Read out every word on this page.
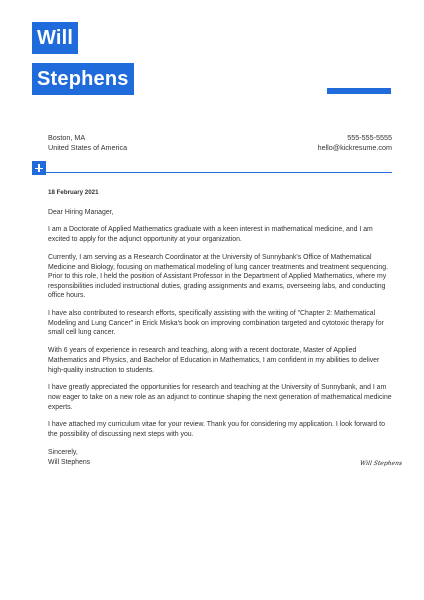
Will
Stephens
Boston, MA
United States of America
555-555-5555
hello@kickresume.com
18 February 2021

Dear Hiring Manager,

I am a Doctorate of Applied Mathematics graduate with a keen interest in mathematical medicine, and I am excited to apply for the adjunct opportunity at your organization.

Currently, I am serving as a Research Coordinator at the University of Sunnybank's Office of Mathematical Medicine and Biology, focusing on mathematical modeling of lung cancer treatments and treatment sequencing. Prior to this role, I held the position of Assistant Professor in the Department of Applied Mathematics, where my responsibilities included instructional duties, grading assignments and exams, overseeing labs, and conducting office hours.

I have also contributed to research efforts, specifically assisting with the writing of "Chapter 2: Mathematical Modeling and Lung Cancer" in Erick Miska's book on improving combination targeted and cytotoxic therapy for small cell lung cancer.

With 6 years of experience in research and teaching, along with a recent doctorate, Master of Applied Mathematics and Physics, and Bachelor of Education in Mathematics, I am confident in my abilities to deliver high-quality instruction to students.

I have greatly appreciated the opportunities for research and teaching at the University of Sunnybank, and I am now eager to take on a new role as an adjunct to continue shaping the next generation of mathematical medicine experts.

I have attached my curriculum vitae for your review. Thank you for considering my application. I look forward to the possibility of discussing next steps with you.

Sincerely,
Will Stephens	Will Stephens
